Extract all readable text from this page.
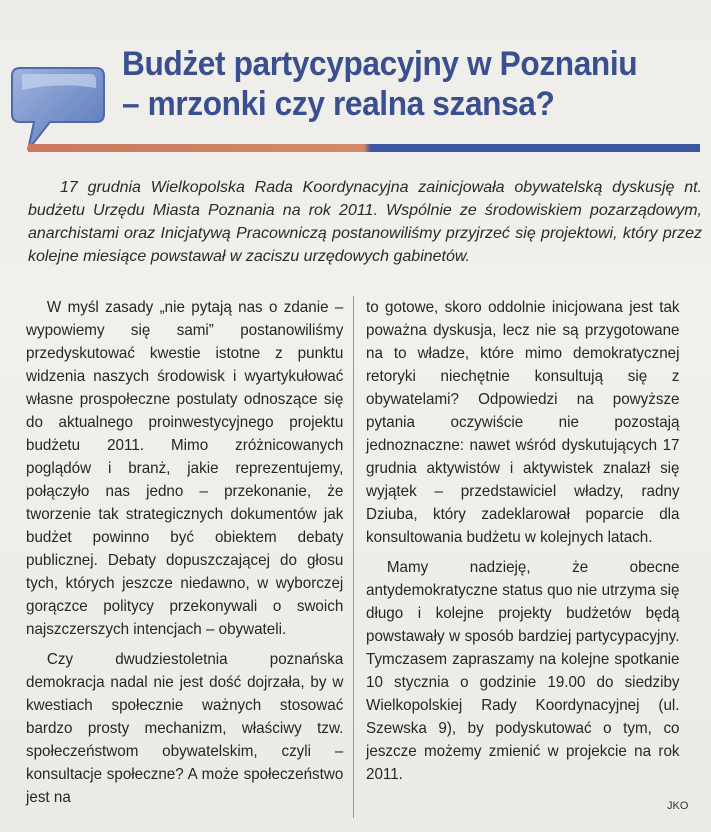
Budżet partycypacyjny w Poznaniu
– mrzonki czy realna szansa?

17 grudnia Wielkopolska Rada Koordynacyjna zainicjowała obywatelską dyskusję nt. budżetu Urzędu Miasta Poznania na rok 2011. Wspólnie ze środowiskiem pozarządowym, anarchistami oraz Inicjatywą Pracowniczą postanowiliśmy przyjrzeć się projektowi, który przez kolejne miesiące powstawał w zaciszu urzędowych gabinetów.

W myśl zasady „nie pytają nas o zdanie – wypowiemy się sami” postanowiliśmy przedyskutować kwestie istotne z punktu widzenia naszych środowisk i wyartykułować własne prospołeczne postulaty odnoszące się do aktualnego proinwestycyjnego projektu budżetu 2011. Mimo zróżnicowanych poglądów i branż, jakie reprezentujemy, połączyło nas jedno – przekonanie, że tworzenie tak strategicznych dokumentów jak budżet powinno być obiektem debaty publicznej. Debaty dopuszczającej do głosu tych, których jeszcze niedawno, w wyborczej gorączce politycy przekonywali o swoich najszczerszych intencjach – obywateli.

Czy dwudziestoletnia poznańska demokracja nadal nie jest dość dojrzała, by w kwestiach społecznie ważnych stosować bardzo prosty mechanizm, właściwy tzw. społeczeństwom obywatelskim, czyli – konsultacje społeczne? A może społeczeństwo jest na

to gotowe, skoro oddolnie inicjowana jest tak poważna dyskusja, lecz nie są przygotowane na to władze, które mimo demokratycznej retoryki niechętnie konsultują się z obywatelami? Odpowiedzi na powyższe pytania oczywiście nie pozostają jednoznaczne: nawet wśród dyskutujących 17 grudnia aktywistów i aktywistek znalazł się wyjątek – przedstawiciel władzy, radny Dziuba, który zadeklarował poparcie dla konsultowania budżetu w kolejnych latach.

Mamy nadzieję, że obecne antydemokratyczne status quo nie utrzyma się długo i kolejne projekty budżetów będą powstawały w sposób bardziej partycypacyjny. Tymczasem zapraszamy na kolejne spotkanie 10 stycznia o godzinie 19.00 do siedziby Wielkopolskiej Rady Koordynacyjnej (ul. Szewska 9), by podyskutować o tym, co jeszcze możemy zmienić w projekcie na rok 2011.

JKO
